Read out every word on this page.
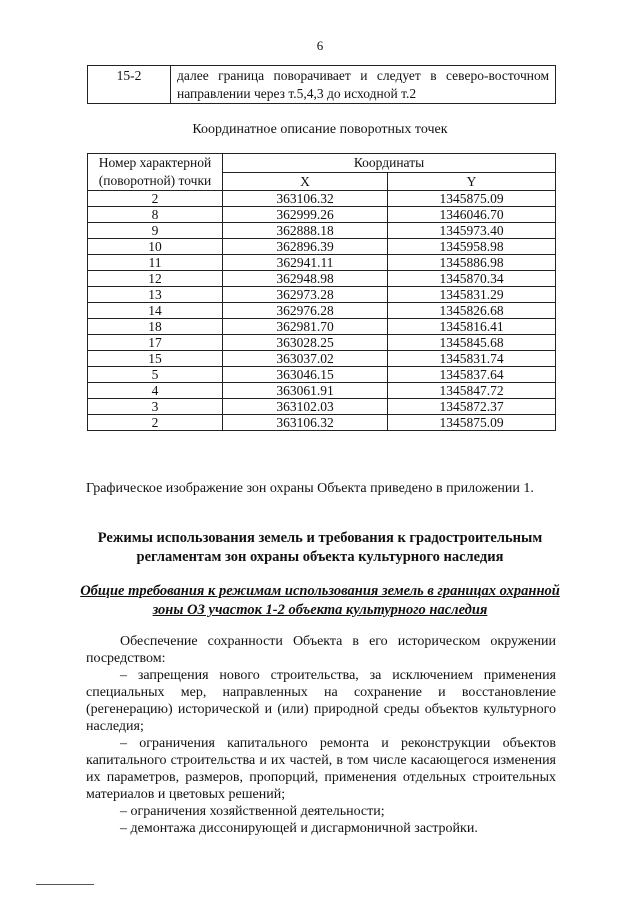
6
15-2	далее граница поворачивает и следует в северо-восточном направлении через т.5,4,3 до исходной т.2
Координатное описание поворотных точек
Номер характерной (поворотной) точки	Координаты	
	X	Y
2	363106.32	1345875.09
8	362999.26	1346046.70
9	362888.18	1345973.40
10	362896.39	1345958.98
11	362941.11	1345886.98
12	362948.98	1345870.34
13	362973.28	1345831.29
14	362976.28	1345826.68
18	362981.70	1345816.41
17	363028.25	1345845.68
15	363037.02	1345831.74
5	363046.15	1345837.64
4	363061.91	1345847.72
3	363102.03	1345872.37
2	363106.32	1345875.09
Графическое изображение зон охраны Объекта приведено в приложении 1.
Режимы использования земель и требования к градостроительным регламентам зон охраны объекта культурного наследия
Общие требования к режимам использования земель в границах охранной зоны ОЗ участок 1-2 объекта культурного наследия

Обеспечение сохранности Объекта в его историческом окружении посредством:

– запрещения нового строительства, за исключением применения специальных мер, направленных на сохранение и восстановление (регенерацию) исторической и (или) природной среды объектов культурного наследия;

– ограничения капитального ремонта и реконструкции объектов капитального строительства и их частей, в том числе касающегося изменения их параметров, размеров, пропорций, применения отдельных строительных материалов и цветовых решений;

– ограничения хозяйственной деятельности;

– демонтажа диссонирующей и дисгармоничной застройки.
